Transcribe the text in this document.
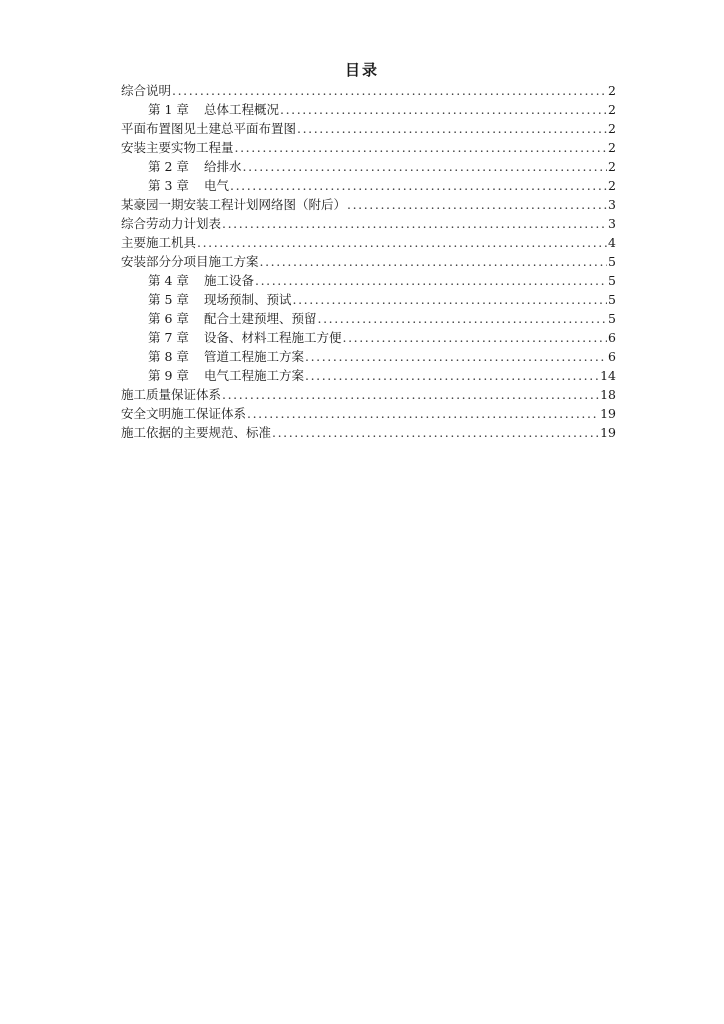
目录
综合说明 .....	2
第 1 章	总体工程概况 .....	2
平面布置图见土建总平面布置图 .....	2
安装主要实物工程量 .....	2
第 2 章	给排水 .....	2
第 3 章	电气 .....	2
某豪园一期安装工程计划网络图（附后） .....	3
综合劳动力计划表 .....	3
主要施工机具 .....	4
安装部分分项目施工方案 .....	5
第 4 章	施工设备 .....	5
第 5 章	现场预制、预试 .....	5
第 6 章	配合土建预埋、预留 .....	5
第 7 章	设备、材料工程施工方便 .....	6
第 8 章	管道工程施工方案 .....	6
第 9 章	电气工程施工方案 .....	14
施工质量保证体系 .....	18
安全文明施工保证体系 .....	19
施工依据的主要规范、标准 .....	19
